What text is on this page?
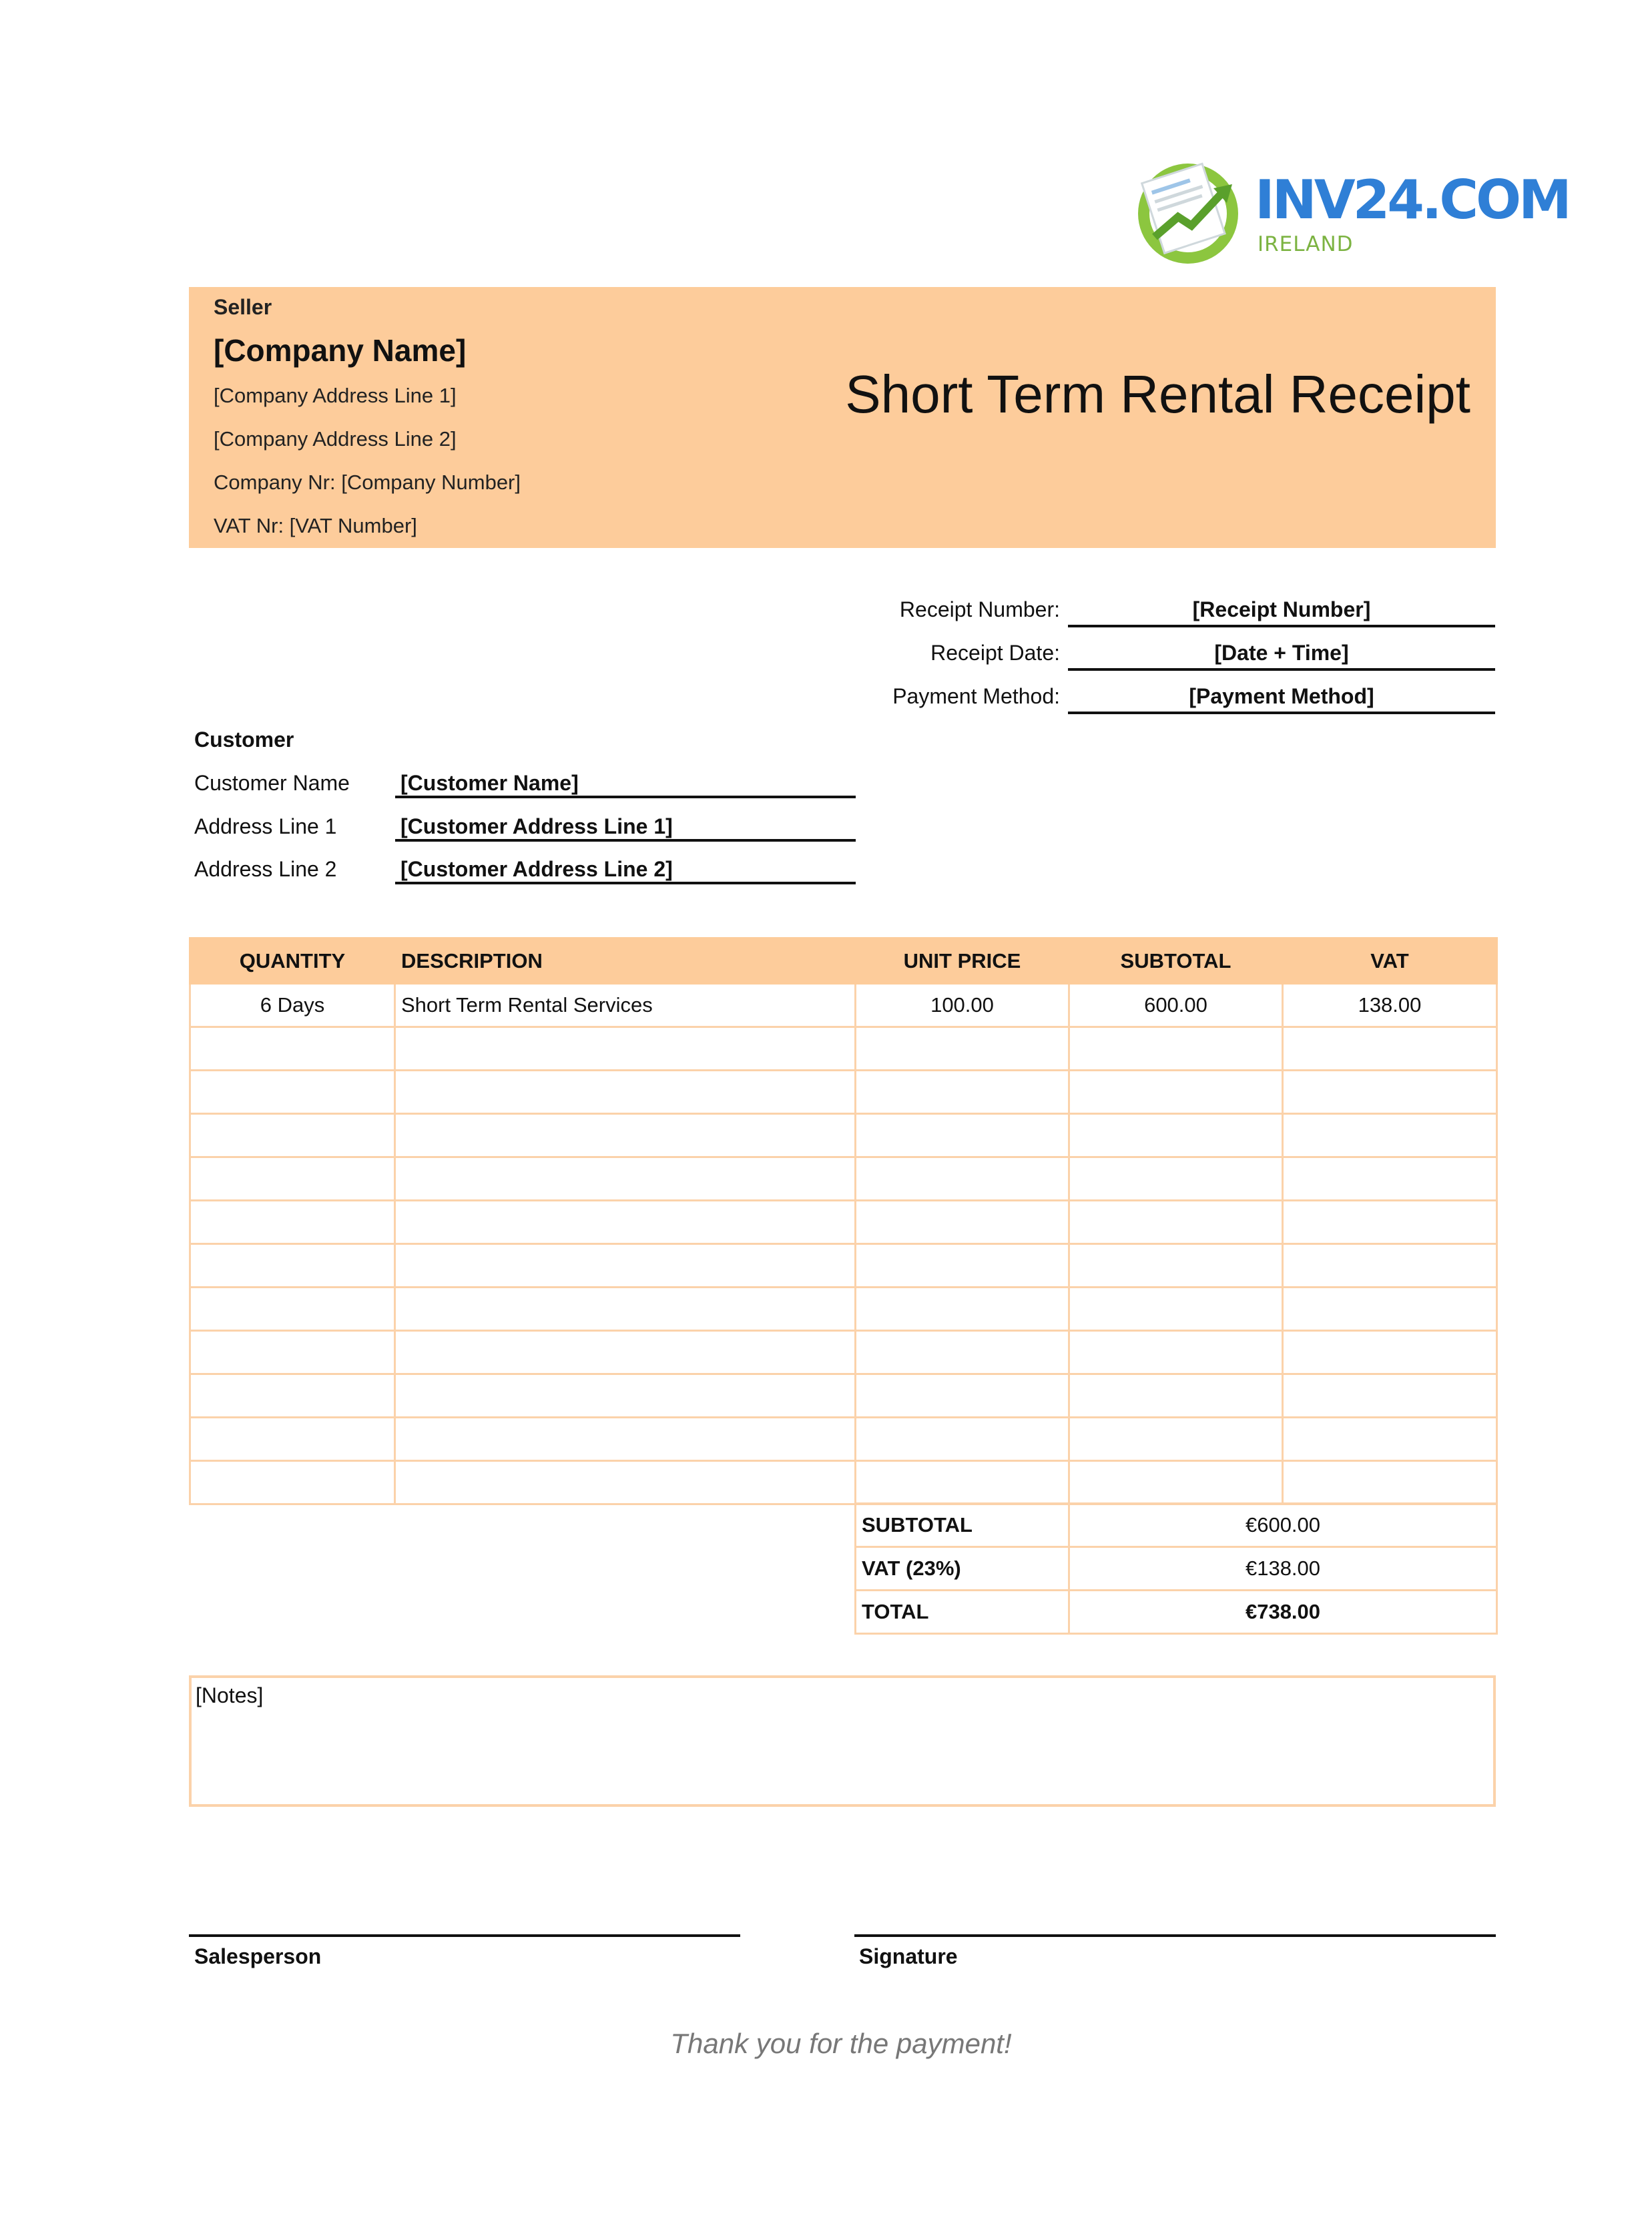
INV24.COM
IRELAND
Seller
[Company Name]
[Company Address Line 1]
[Company Address Line 2]
Company Nr: [Company Number]
VAT Nr: [VAT Number]
Short Term Rental Receipt
Receipt Number:	[Receipt Number]
Receipt Date:	[Date + Time]
Payment Method:	[Payment Method]
Customer
Customer Name [Customer Name]
Address Line 1	[Customer Address Line 1]
Address Line 2	[Customer Address Line 2]
QUANTITY	DESCRIPTION	UNIT PRICE	SUBTOTAL	VAT
6 Days	Short Term Rental Services	100.00	600.00	138.00

SUBTOTAL	€600.00
VAT (23%)	€138.00
TOTAL	€738.00
[Notes]
Salesperson	Signature
Thank you for the payment!
